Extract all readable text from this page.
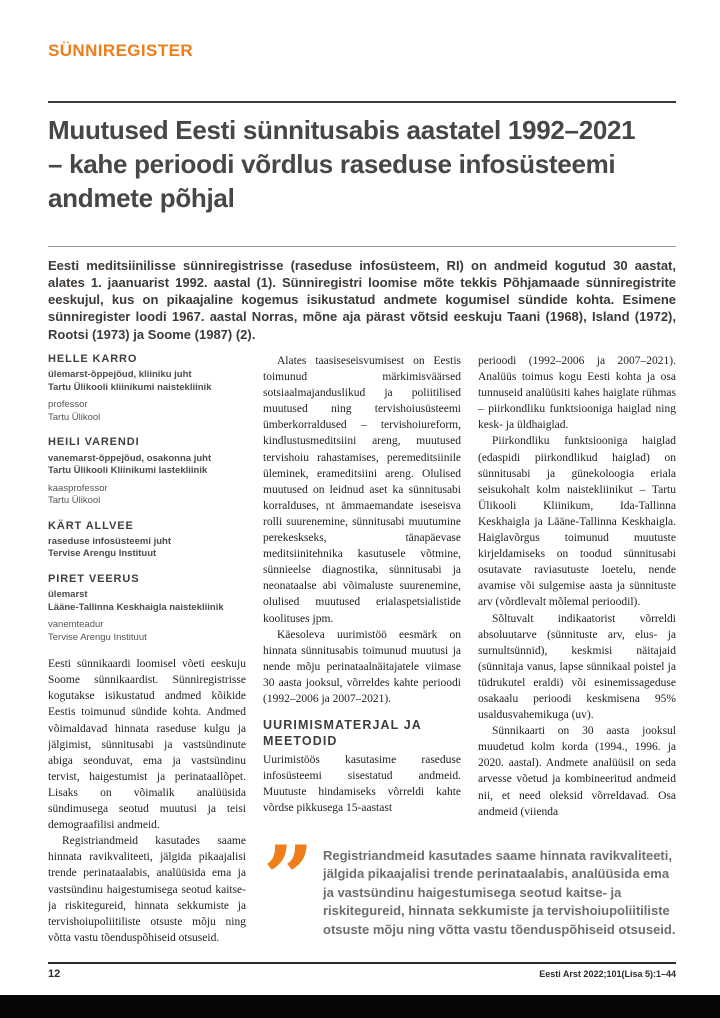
SÜNNIREGISTER
Muutused Eesti sünnitusabis aastatel 1992–2021 – kahe perioodi võrdlus raseduse infosüsteemi andmete põhjal

Eesti meditsiinilisse sünniregistrisse (raseduse infosüsteem, RI) on andmeid kogutud 30 aastat, alates 1. jaanuarist 1992. aastal (1). Sünniregistri loomise mõte tekkis Põhjamaade sünniregistrite eeskujul, kus on pikaajaline kogemus isikustatud andmete kogumisel sündide kohta. Esimene sünniregister loodi 1967. aastal Norras, mõne aja pärast võtsid eeskuju Taani (1968), Island (1972), Rootsi (1973) ja Soome (1987) (2).

HELLE KARRO
ülemarst-õppejõud, kliiniku juht
Tartu Ülikooli kliinikumi naistekliinik
professor
Tartu Ülikool
HEILI VARENDI
vanemarst-õppejõud, osakonna juht
Tartu Ülikooli Kliinikumi lastekliinik
kaasprofessor
Tartu Ülikool
KÄRT ALLVEE
raseduse infosüsteemi juht
Tervise Arengu Instituut
PIRET VEERUS
ülemarst
Lääne-Tallinna Keskhaigla naistekliinik
vanemteadur
Tervise Arengu Instituut

Eesti sünnikaardi loomisel võeti eeskuju Soome sünnikaardist. Sünniregistrisse kogutakse isikustatud andmed kõikide Eestis toimunud sündide kohta. Andmed võimaldavad hinnata raseduse kulgu ja jälgimist, sünnitusabi ja vastsündinute abiga seonduvat, ema ja vastsündinu tervist, haigestumist ja perinataallõpet. Lisaks on võimalik analüüsida sündimusega seotud muutusi ja teisi demograafilisi andmeid.

Registriandmeid kasutades saame hinnata ravikvaliteeti, jälgida pikaajalisi trende perinataalabis, analüüsida ema ja vastsündinu haigestumisega seotud kaitse- ja riskitegureid, hinnata sekkumiste ja tervishoiupoliitiliste otsuste mõju ning võtta vastu tõenduspõhiseid otsuseid.

Alates taasiseseisvumisest on Eestis toimunud märkimisväärsed sotsiaalmajanduslikud ja poliitilised muutused ning tervishoiusüsteemi ümberkorraldused – tervishoiureform, kindlustusmeditsiini areng, muutused tervishoiu rahastamises, peremeditsiinile üleminek, erameditsiini areng. Olulised muutused on leidnud aset ka sünnitusabi korralduses, nt ämmaemandate iseseisva rolli suurenemine, sünnitusabi muutumine perekeskseks, tänapäevase meditsiinitehnika kasutusele võtmine, sünnieelse diagnostika, sünnitusabi ja neonataalse abi võimaluste suurenemine, olulised muutused erialaspetsialistide koolituses jpm.

Käesoleva uurimistöö eesmärk on hinnata sünnitusabis toimunud muutusi ja nende mõju perinataalnäitajatele viimase 30 aasta jooksul, võrreldes kahte perioodi (1992–2006 ja 2007–2021).

UURIMISMATERJAL JA MEETODID

Uurimistöös kasutasime raseduse infosüsteemi sisestatud andmeid. Muutuste hindamiseks võrreldi kahte võrdse pikkusega 15-aastast

perioodi (1992–2006 ja 2007–2021). Analüüs toimus kogu Eesti kohta ja osa tunnuseid analüüsiti kahes haiglate rühmas – piirkondliku funktsiooniga haiglad ning kesk- ja üldhaiglad.

Piirkondliku funktsiooniga haiglad (edaspidi piirkondlikud haiglad) on sünnitusabi ja günekoloogia eriala seisukohalt kolm naistekliinikut – Tartu Ülikooli Kliinikum, Ida-Tallinna Keskhaigla ja Lääne-Tallinna Keskhaigla. Haiglavõrgus toimunud muutuste kirjeldamiseks on toodud sünnitusabi osutavate raviasutuste loetelu, nende avamise või sulgemise aasta ja sünnituste arv (võrdlevalt mõlemal perioodil).

Sõltuvalt indikaatorist võrreldi absoluutarve (sünnituste arv, elus- ja surnultsünnid), keskmisi näitajaid (sünnitaja vanus, lapse sünnikaal poistel ja tüdrukutel eraldi) või esinemissageduse osakaalu perioodi keskmisena 95% usaldusvahemikuga (uv).

Sünnikaarti on 30 aasta jooksul muudetud kolm korda (1994., 1996. ja 2020. aastal). Andmete analüüsil on seda arvesse võetud ja kombineeritud andmeid nii, et need oleksid võrreldavad. Osa andmeid (viienda

”	Registriandmeid kasutades saame hinnata ravikvaliteeti, jälgida pikaajalisi trende perinataalabis, analüüsida ema ja vastsündinu haigestumisega seotud kaitse- ja riskitegureid, hinnata sekkumiste ja tervishoiupoliitiliste otsuste mõju ning võtta vastu tõenduspõhiseid otsuseid.
12	Eesti Arst 2022;101(Lisa 5):1–44
